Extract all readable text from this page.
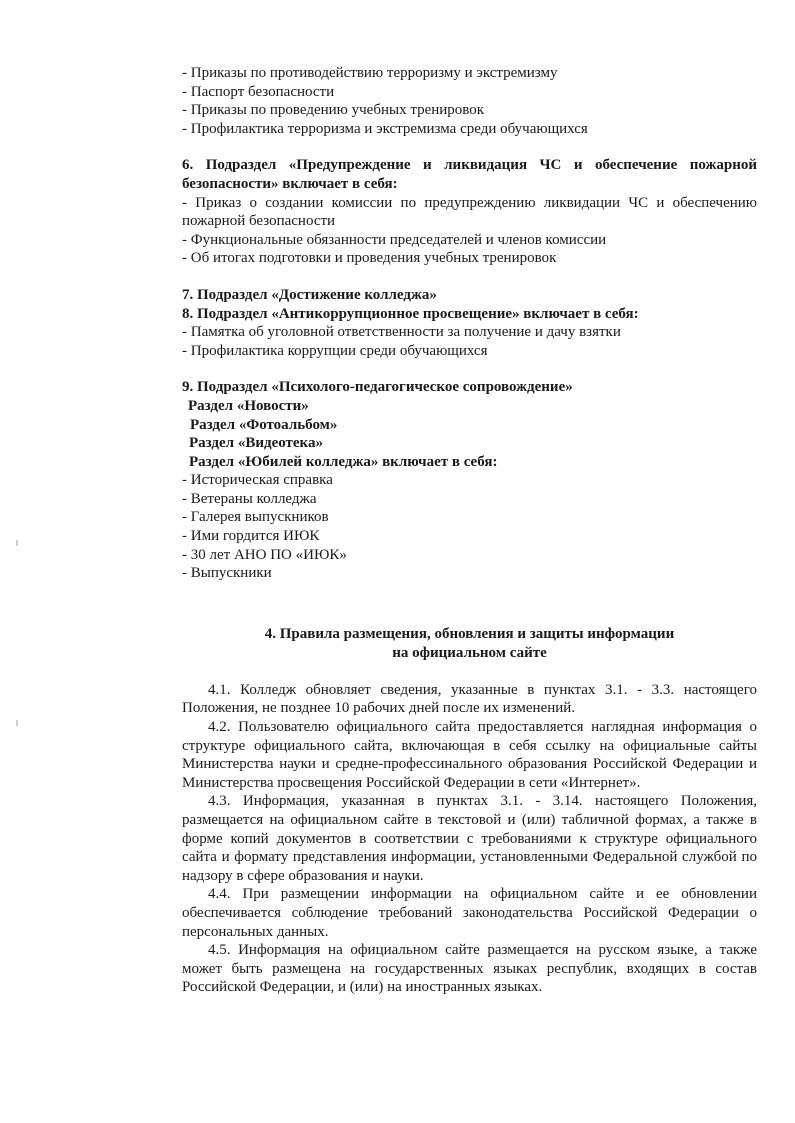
- Приказы по противодействию терроризму и экстремизму
- Паспорт безопасности
- Приказы по проведению учебных тренировок
- Профилактика терроризма и экстремизма среди обучающихся
6. Подраздел «Предупреждение и ликвидация ЧС и обеспечение пожарной безопасности» включает в себя:
- Приказ о создании комиссии по предупреждению ликвидации ЧС и обеспечению пожарной безопасности
- Функциональные обязанности председателей и членов комиссии
- Об итогах подготовки и проведения учебных тренировок
7. Подраздел «Достижение колледжа»
8. Подраздел «Антикоррупционное просвещение» включает в себя:
- Памятка об уголовной ответственности за получение и дачу взятки
- Профилактика коррупции среди обучающихся
9. Подраздел «Психолого-педагогическое сопровождение»
Раздел «Новости»
Раздел «Фотоальбом»
Раздел «Видеотека»
Раздел «Юбилей колледжа» включает в себя:
- Историческая справка
- Ветераны колледжа
- Галерея выпускников
- Ими гордится ИЮК
- 30 лет АНО ПО «ИЮК»
- Выпускники
4. Правила размещения, обновления и защиты информации
на официальном сайте
4.1. Колледж обновляет сведения, указанные в пунктах 3.1. - 3.3. настоящего Положения, не позднее 10 рабочих дней после их изменений.
4.2. Пользователю официального сайта предоставляется наглядная информация о структуре официального сайта, включающая в себя ссылку на официальные сайты Министерства науки и средне-профессинального образования Российской Федерации и Министерства просвещения Российской Федерации в сети «Интернет».
4.3. Информация, указанная в пунктах 3.1. - 3.14. настоящего Положения, размещается на официальном сайте в текстовой и (или) табличной формах, а также в форме копий документов в соответствии с требованиями к структуре официального сайта и формату представления информации, установленными Федеральной службой по надзору в сфере образования и науки.
4.4. При размещении информации на официальном сайте и ее обновлении обеспечивается соблюдение требований законодательства Российской Федерации о персональных данных.
4.5. Информация на официальном сайте размещается на русском языке, а также может быть размещена на государственных языках республик, входящих в состав Российской Федерации, и (или) на иностранных языках.
